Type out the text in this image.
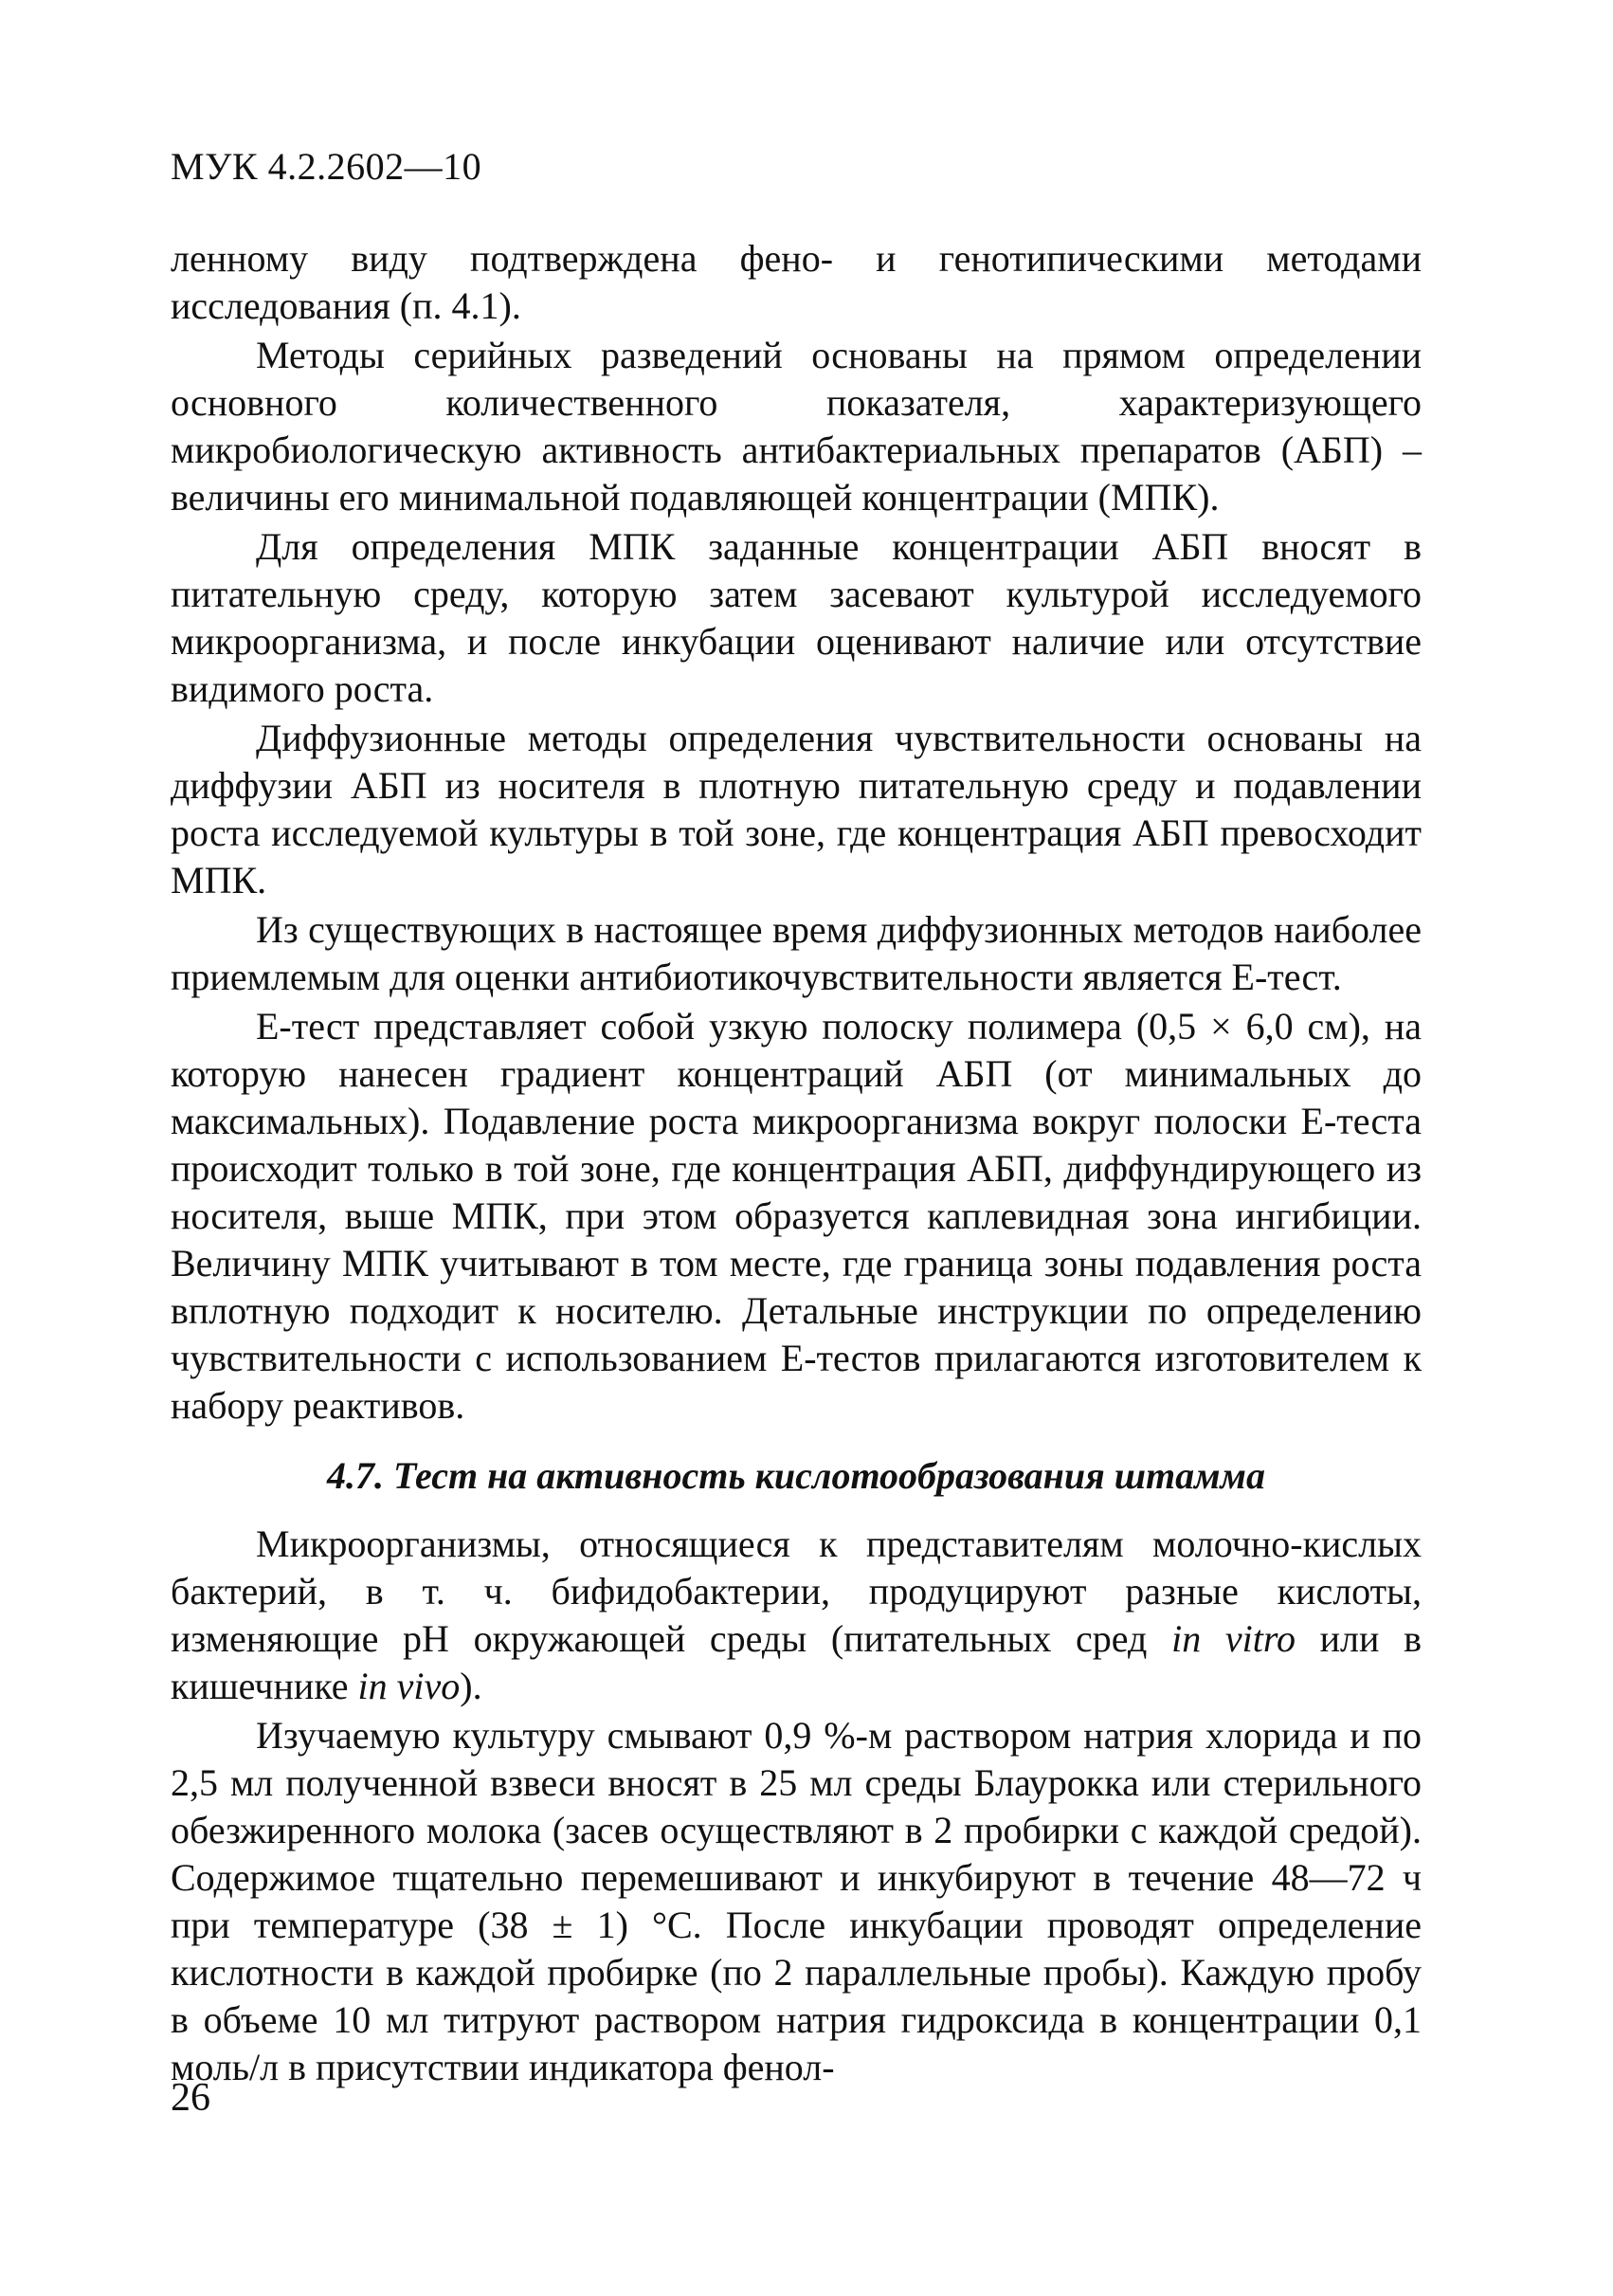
МУК 4.2.2602—10

ленному виду подтверждена фено- и генотипическими методами исследования (п. 4.1).

Методы серийных разведений основаны на прямом определении основного количественного показателя, характеризующего микробиологическую активность антибактериальных препаратов (АБП) – величины его минимальной подавляющей концентрации (МПК).

Для определения МПК заданные концентрации АБП вносят в питательную среду, которую затем засевают культурой исследуемого микроорганизма, и после инкубации оценивают наличие или отсутствие видимого роста.

Диффузионные методы определения чувствительности основаны на диффузии АБП из носителя в плотную питательную среду и подавлении роста исследуемой культуры в той зоне, где концентрация АБП превосходит МПК.

Из существующих в настоящее время диффузионных методов наиболее приемлемым для оценки антибиотикочувствительности является Е-тест.

Е-тест представляет собой узкую полоску полимера (0,5 × 6,0 см), на которую нанесен градиент концентраций АБП (от минимальных до максимальных). Подавление роста микроорганизма вокруг полоски Е-теста происходит только в той зоне, где концентрация АБП, диффундирующего из носителя, выше МПК, при этом образуется каплевидная зона ингибиции. Величину МПК учитывают в том месте, где граница зоны подавления роста вплотную подходит к носителю. Детальные инструкции по определению чувствительности с использованием Е-тестов прилагаются изготовителем к набору реактивов.

4.7. Тест на активность кислотообразования штамма

Микроорганизмы, относящиеся к представителям молочно-кислых бактерий, в т. ч. бифидобактерии, продуцируют разные кислоты, изменяющие pH окружающей среды (питательных сред in vitro или в кишечнике in vivo).

Изучаемую культуру смывают 0,9 %-м раствором натрия хлорида и по 2,5 мл полученной взвеси вносят в 25 мл среды Блаурокка или стерильного обезжиренного молока (засев осуществляют в 2 пробирки с каждой средой). Содержимое тщательно перемешивают и инкубируют в течение 48—72 ч при температуре (38 ± 1) °С. После инкубации проводят определение кислотности в каждой пробирке (по 2 параллельные пробы). Каждую пробу в объеме 10 мл титруют раствором натрия гидроксида в концентрации 0,1 моль/л в присутствии индикатора фенол-

26
